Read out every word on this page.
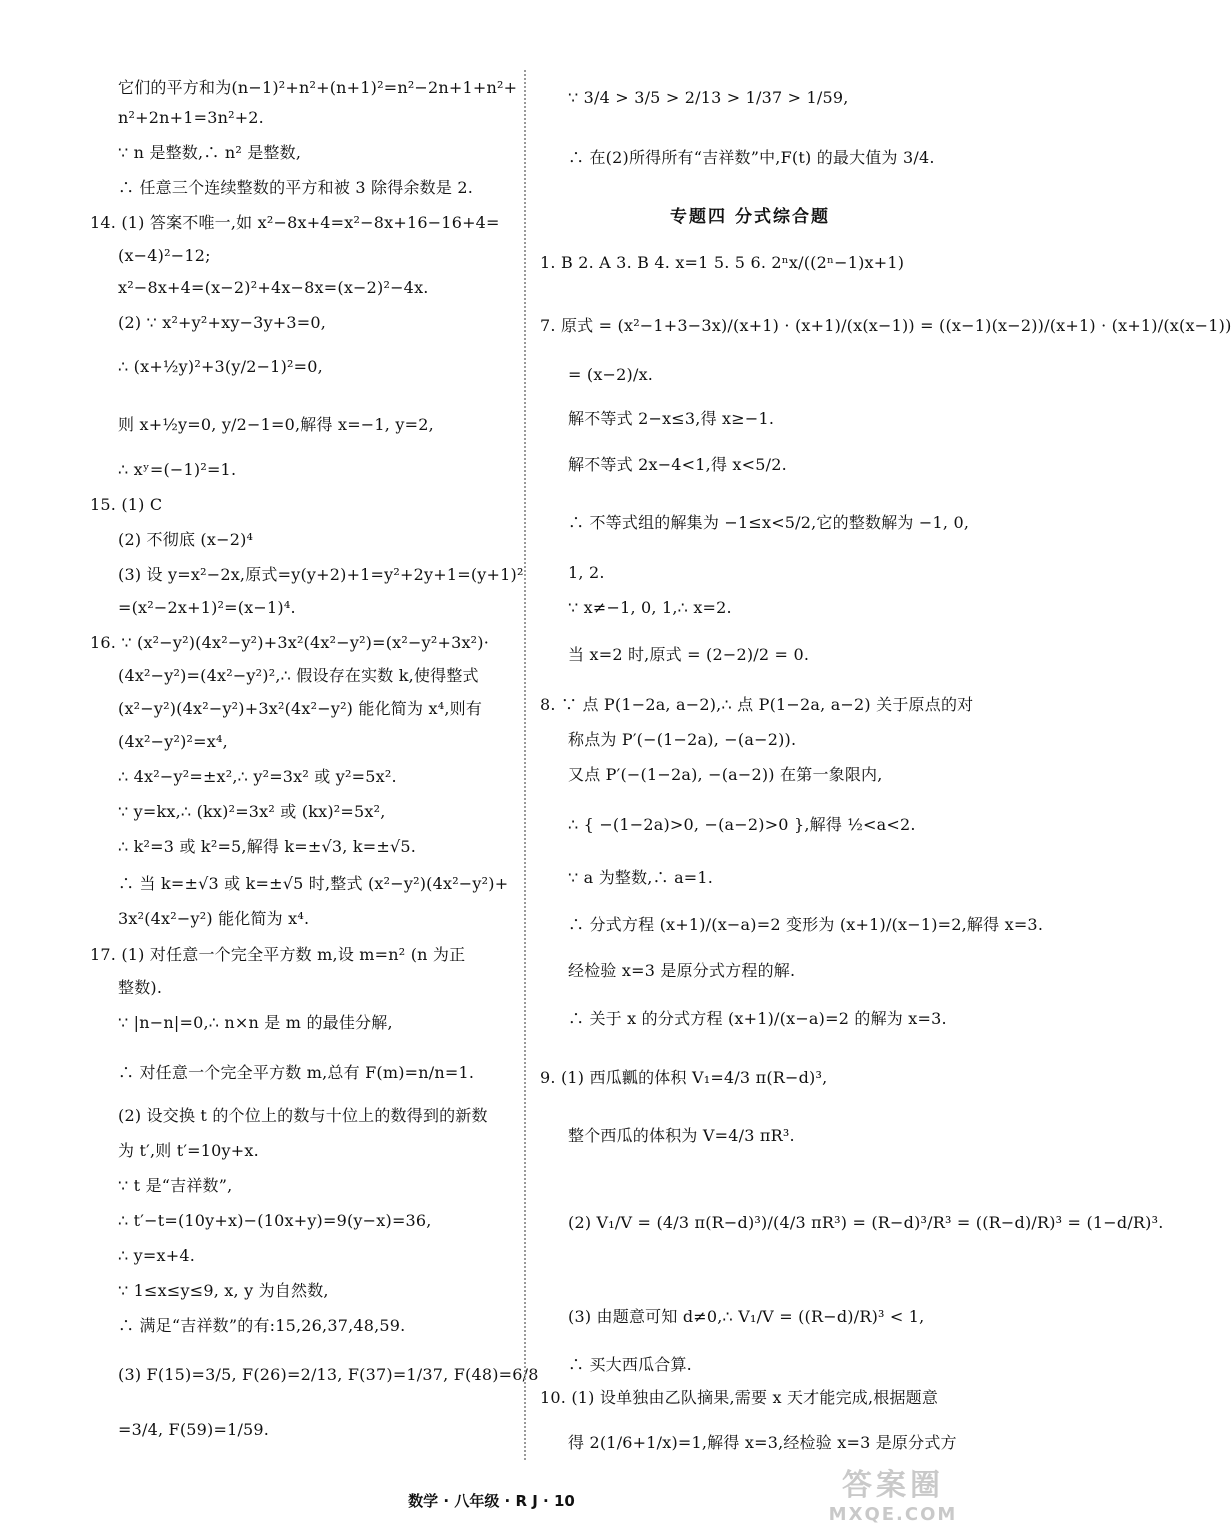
它们的平方和为(n−1)²+n²+(n+1)²=n²−2n+1+n²+
n²+2n+1=3n²+2.
∵ n 是整数,∴ n² 是整数,
∴ 任意三个连续整数的平方和被 3 除得余数是 2.
14. (1) 答案不唯一,如 x²−8x+4=x²−8x+16−16+4=
(x−4)²−12;
x²−8x+4=(x−2)²+4x−8x=(x−2)²−4x.
(2) ∵ x²+y²+xy−3y+3=0,
∴ (x+½y)²+3(y/2−1)²=0,
则 x+½y=0, y/2−1=0,解得 x=−1, y=2,
∴ xʸ=(−1)²=1.
15. (1) C
(2) 不彻底 (x−2)⁴
(3) 设 y=x²−2x,原式=y(y+2)+1=y²+2y+1=(y+1)²
=(x²−2x+1)²=(x−1)⁴.
16. ∵ (x²−y²)(4x²−y²)+3x²(4x²−y²)=(x²−y²+3x²)·
(4x²−y²)=(4x²−y²)²,∴ 假设存在实数 k,使得整式
(x²−y²)(4x²−y²)+3x²(4x²−y²) 能化简为 x⁴,则有
(4x²−y²)²=x⁴,
∴ 4x²−y²=±x²,∴ y²=3x² 或 y²=5x².
∵ y=kx,∴ (kx)²=3x² 或 (kx)²=5x²,
∴ k²=3 或 k²=5,解得 k=±√3, k=±√5.
∴ 当 k=±√3 或 k=±√5 时,整式 (x²−y²)(4x²−y²)+
3x²(4x²−y²) 能化简为 x⁴.
17. (1) 对任意一个完全平方数 m,设 m=n² (n 为正
整数).
∵ |n−n|=0,∴ n×n 是 m 的最佳分解,
∴ 对任意一个完全平方数 m,总有 F(m)=n/n=1.
(2) 设交换 t 的个位上的数与十位上的数得到的新数
为 t′,则 t′=10y+x.
∵ t 是“吉祥数”,
∴ t′−t=(10y+x)−(10x+y)=9(y−x)=36,
∴ y=x+4.
∵ 1≤x≤y≤9, x, y 为自然数,
∴ 满足“吉祥数”的有:15,26,37,48,59.
(3) F(15)=3/5, F(26)=2/13, F(37)=1/37, F(48)=6/8
=3/4, F(59)=1/59.
专题四 分式综合题
∵ 3/4 > 3/5 > 2/13 > 1/37 > 1/59,
∴ 在(2)所得所有“吉祥数”中,F(t) 的最大值为 3/4.
1. B 2. A 3. B 4. x=1 5. 5 6. 2ⁿx/((2ⁿ−1)x+1)
7. 原式 = (x²−1+3−3x)/(x+1) · (x+1)/(x(x−1)) = ((x−1)(x−2))/(x+1) · (x+1)/(x(x−1))
= (x−2)/x.
解不等式 2−x≤3,得 x≥−1.
解不等式 2x−4<1,得 x<5/2.
∴ 不等式组的解集为 −1≤x<5/2,它的整数解为 −1, 0,
1, 2.
∵ x≠−1, 0, 1,∴ x=2.
当 x=2 时,原式 = (2−2)/2 = 0.
8. ∵ 点 P(1−2a, a−2),∴ 点 P(1−2a, a−2) 关于原点的对
称点为 P′(−(1−2a), −(a−2)).
又点 P′(−(1−2a), −(a−2)) 在第一象限内,
∴ { −(1−2a)>0, −(a−2)>0 },解得 ½<a<2.
∵ a 为整数,∴ a=1.
∴ 分式方程 (x+1)/(x−a)=2 变形为 (x+1)/(x−1)=2,解得 x=3.
经检验 x=3 是原分式方程的解.
∴ 关于 x 的分式方程 (x+1)/(x−a)=2 的解为 x=3.
9. (1) 西瓜瓤的体积 V₁=4/3 π(R−d)³,
整个西瓜的体积为 V=4/3 πR³.
(2) V₁/V = (4/3 π(R−d)³)/(4/3 πR³) = (R−d)³/R³ = ((R−d)/R)³ = (1−d/R)³.
(3) 由题意可知 d≠0,∴ V₁/V = ((R−d)/R)³ < 1,
∴ 买大西瓜合算.
10. (1) 设单独由乙队摘果,需要 x 天才能完成,根据题意
得 2(1/6+1/x)=1,解得 x=3,经检验 x=3 是原分式方
数学 · 八年级 · R J · 10	答案圈
MXQE.COM
